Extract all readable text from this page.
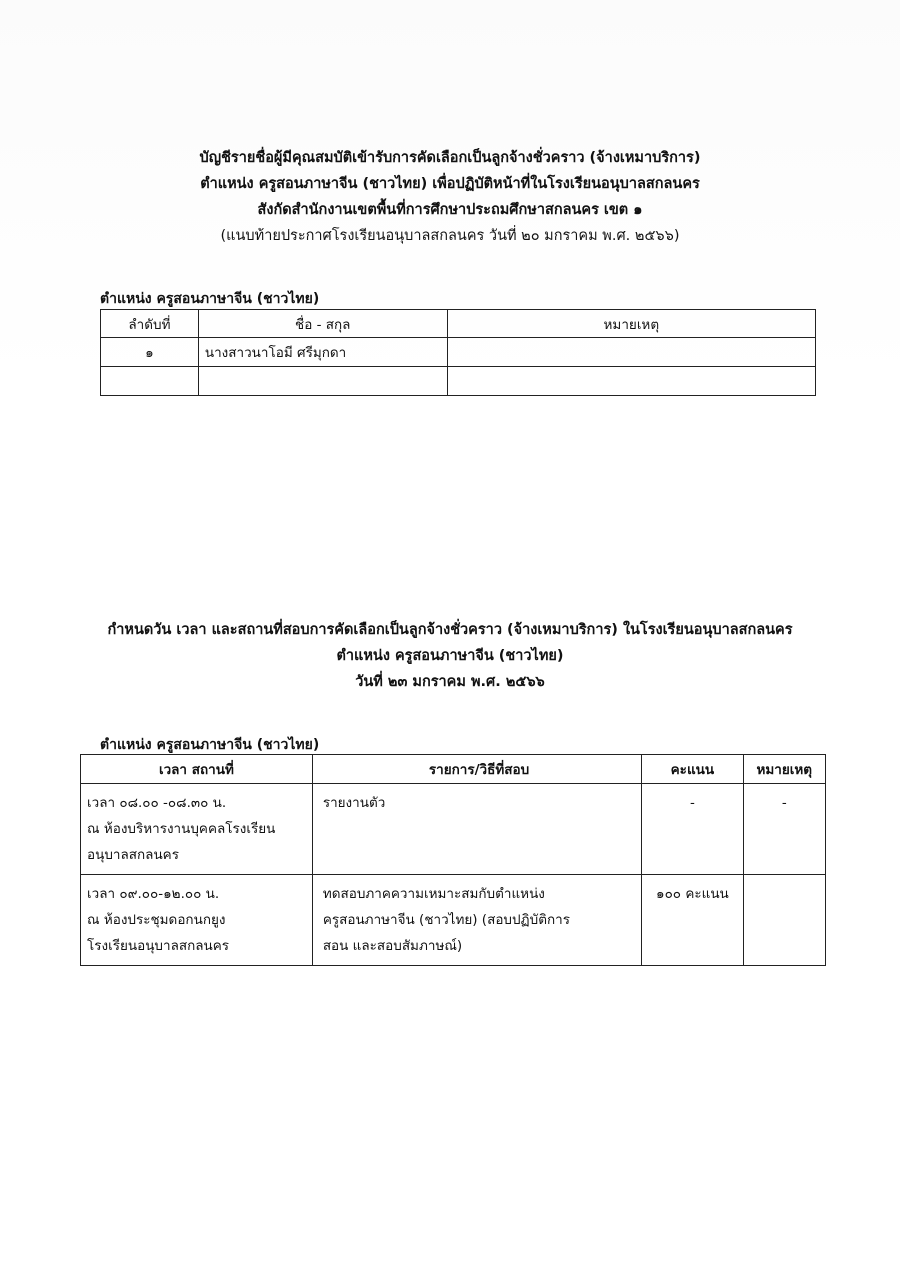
บัญชีรายชื่อผู้มีคุณสมบัติเข้ารับการคัดเลือกเป็นลูกจ้างชั่วคราว (จ้างเหมาบริการ)
ตำแหน่ง ครูสอนภาษาจีน (ชาวไทย) เพื่อปฏิบัติหน้าที่ในโรงเรียนอนุบาลสกลนคร
สังกัดสำนักงานเขตพื้นที่การศึกษาประถมศึกษาสกลนคร เขต ๑
(แนบท้ายประกาศโรงเรียนอนุบาลสกลนคร วันที่ ๒๐ มกราคม พ.ศ. ๒๕๖๖)
ตำแหน่ง ครูสอนภาษาจีน (ชาวไทย)
ลำดับที่	ชื่อ - สกุล	หมายเหตุ
๑	นางสาวนาโอมี ศรีมุกดา	

กำหนดวัน เวลา และสถานที่สอบการคัดเลือกเป็นลูกจ้างชั่วคราว (จ้างเหมาบริการ) ในโรงเรียนอนุบาลสกลนคร
ตำแหน่ง ครูสอนภาษาจีน (ชาวไทย)
วันที่ ๒๓ มกราคม พ.ศ. ๒๕๖๖
ตำแหน่ง ครูสอนภาษาจีน (ชาวไทย)
เวลา สถานที่	รายการ/วิธีที่สอบ	คะแนน	หมายเหตุ

เวลา ๐๘.๐๐ -๐๘.๓๐ น.
ณ ห้องบริหารงานบุคคลโรงเรียน
อนุบาลสกลนคร	รายงานตัว	-	-

เวลา ๐๙.๐๐-๑๒.๐๐ น.
ณ ห้องประชุมดอกนกยูง
โรงเรียนอนุบาลสกลนคร	ทดสอบภาคความเหมาะสมกับตำแหน่ง
ครูสอนภาษาจีน (ชาวไทย) (สอบปฏิบัติการ
สอน และสอบสัมภาษณ์)	๑๐๐ คะแนน	
